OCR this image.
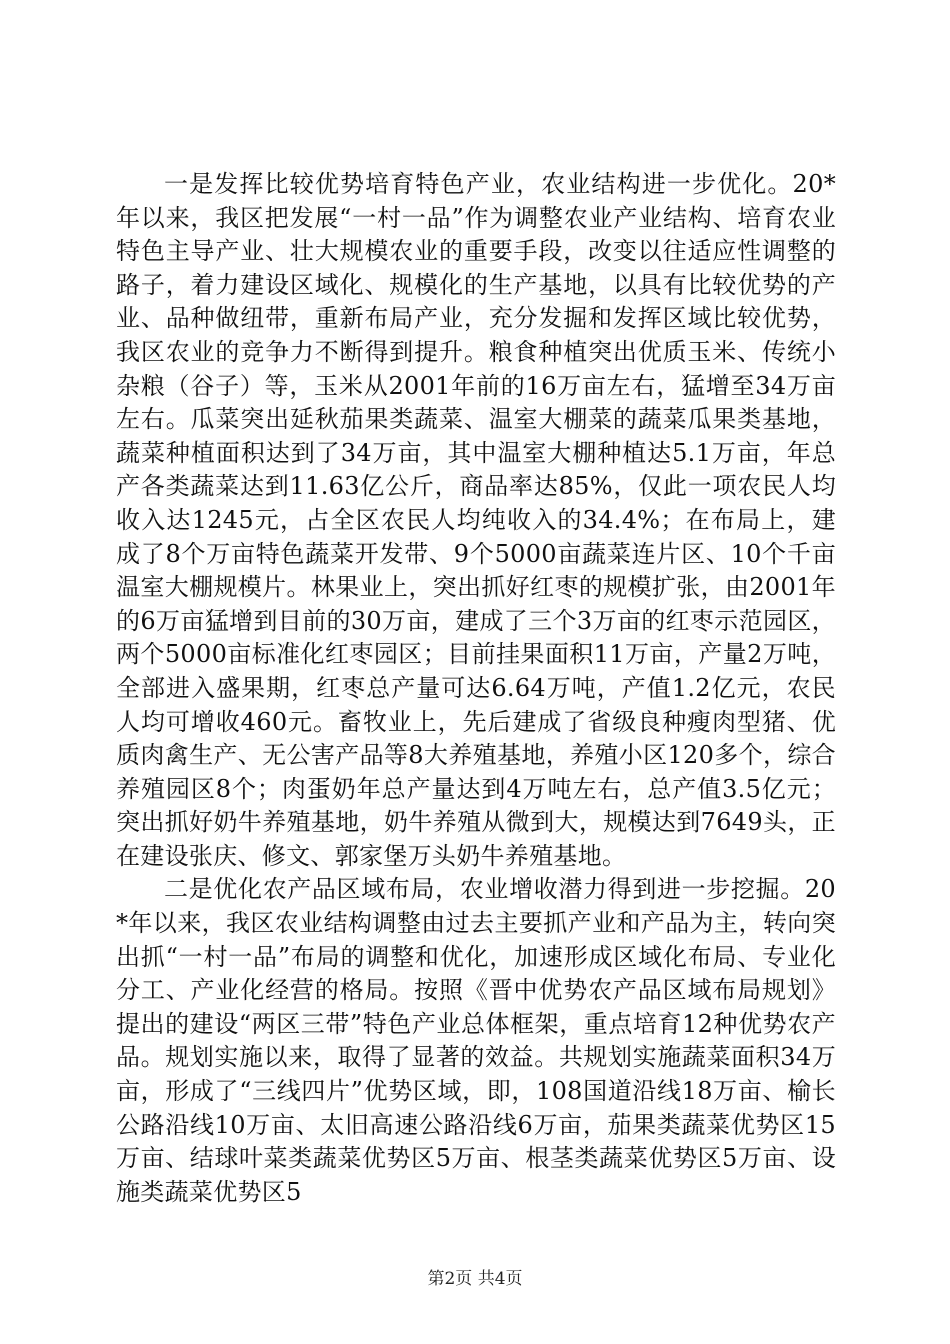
一是发挥比较优势培育特色产业，农业结构进一步优化。20*年以来，我区把发展“一村一品”作为调整农业产业结构、培育农业特色主导产业、壮大规模农业的重要手段，改变以往适应性调整的路子，着力建设区域化、规模化的生产基地，以具有比较优势的产业、品种做纽带，重新布局产业，充分发掘和发挥区域比较优势，我区农业的竞争力不断得到提升。粮食种植突出优质玉米、传统小杂粮（谷子）等，玉米从2001年前的16万亩左右，猛增至34万亩左右。瓜菜突出延秋茄果类蔬菜、温室大棚菜的蔬菜瓜果类基地，蔬菜种植面积达到了34万亩，其中温室大棚种植达5.1万亩，年总产各类蔬菜达到11.63亿公斤，商品率达85%，仅此一项农民人均收入达1245元，占全区农民人均纯收入的34.4%；在布局上，建成了8个万亩特色蔬菜开发带、9个5000亩蔬菜连片区、10个千亩温室大棚规模片。林果业上，突出抓好红枣的规模扩张，由2001年的6万亩猛增到目前的30万亩，建成了三个3万亩的红枣示范园区，两个5000亩标准化红枣园区；目前挂果面积11万亩，产量2万吨，全部进入盛果期，红枣总产量可达6.64万吨，产值1.2亿元，农民人均可增收460元。畜牧业上，先后建成了省级良种瘦肉型猪、优质肉禽生产、无公害产品等8大养殖基地，养殖小区120多个，综合养殖园区8个；肉蛋奶年总产量达到4万吨左右，总产值3.5亿元；突出抓好奶牛养殖基地，奶牛养殖从微到大，规模达到7649头，正在建设张庆、修文、郭家堡万头奶牛养殖基地。

二是优化农产品区域布局，农业增收潜力得到进一步挖掘。20*年以来，我区农业结构调整由过去主要抓产业和产品为主，转向突出抓“一村一品”布局的调整和优化，加速形成区域化布局、专业化分工、产业化经营的格局。按照《晋中优势农产品区域布局规划》提出的建设“两区三带”特色产业总体框架，重点培育12种优势农产品。规划实施以来，取得了显著的效益。共规划实施蔬菜面积34万亩，形成了“三线四片”优势区域，即，108国道沿线18万亩、榆长公路沿线10万亩、太旧高速公路沿线6万亩，茄果类蔬菜优势区15万亩、结球叶菜类蔬菜优势区5万亩、根茎类蔬菜优势区5万亩、设施类蔬菜优势区5

第2页 共4页
